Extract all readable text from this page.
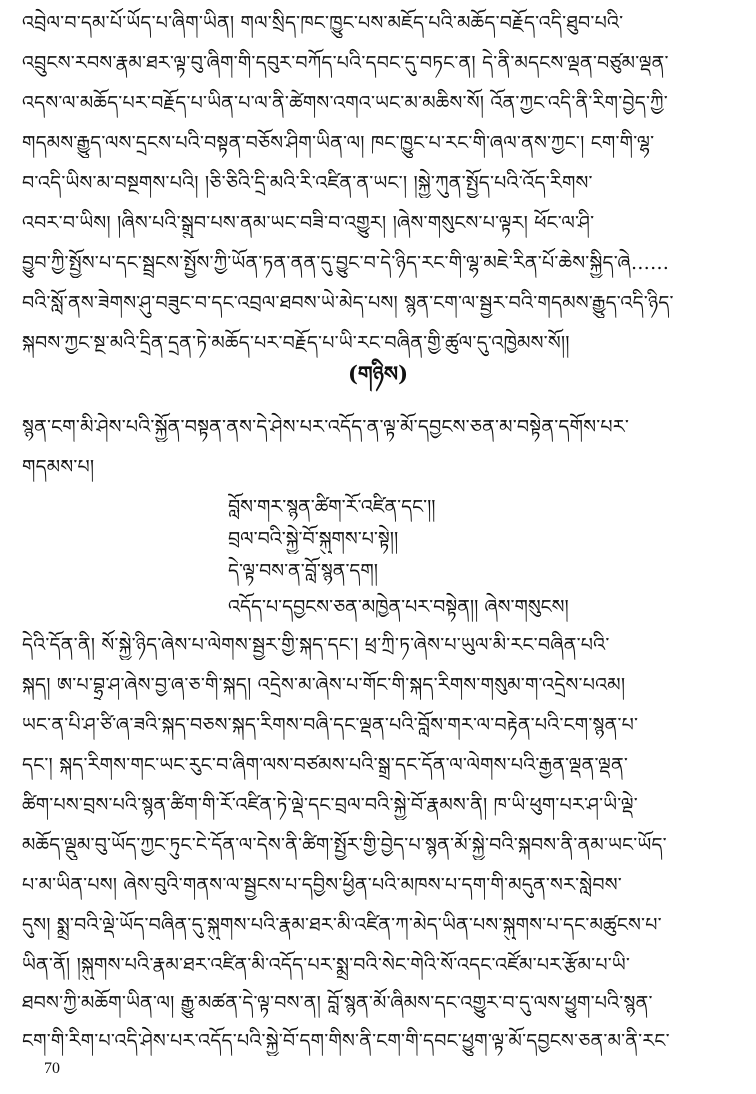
འབྲེལ་བ་དམ་པོ་ཡོད་པ་ཞིག་ཡིན། གལ་སྲིད་ཁང་ཁྱུང་པས་མཇོད་པའི་མཆོད་བརྗོད་འདི་ཐུབ་པའི་
འབྲུངས་རབས་རྣམ་ཐར་ལྟ་བུ་ཞིག་གི་དབུར་བཀོད་པའི་དབང་དུ་བཏང་ན། དེ་ནི་མདངས་ལྡན་བཙུམ་ལྡན་
འདས་ལ་མཆོད་པར་བརྗོད་པ་ཡིན་པ་ལ་ནི་ཚེགས་འགའ་ཡང་མ་མཆིས་སོ། འོན་ཀྱང་འདི་ནི་རིག་བྱེད་ཀྱི་
གདམས་རྒྱུད་ལས་དྲངས་པའི་བསྟན་བཅོས་ཤིག་ཡིན་ལ། ཁང་ཁྱུང་པ་རང་གི་ཞལ་ནས་ཀྱང་། ངག་གི་ལྷ་
བ་འདི་ཡིས་མ་བསྔགས་པའི། །ཅི་ཅིའི་དྲི་མའི་རི་འཛིན་ན་ཡང་། །སྐྱེ་ཀུན་སྤྱོད་པའི་འོད་རིགས་
འབར་བ་ཡིས། །ཞིས་པའི་སྒྲུབ་པས་ནམ་ཡང་བཟི་བ་འགྱུར། །ཞེས་གསུངས་པ་ལྟར། ཕོང་ལ་ཤི་
བྱུབ་ཀྱི་སྤྱོས་པ་དང་སྦྲངས་སྤྱོས་ཀྱི་ཡོན་ཏན་ནན་དུ་བྱུང་བ་དེ་ཉིད་རང་གི་ལྷ་མཇེ་རིན་པོ་ཆེས་སྐྱིད་ཞེ……
བའི་སློ་ནས་ཟེགས་ཤུ་བཟུང་བ་དང་འབྲལ་ཐབས་ཡེ་མེད་པས། སྙན་ངག་ལ་སྦྱར་བའི་གདམས་རྒྱུད་འདི་ཉིད་
སྐབས་ཀྱང་སྔ་མའི་དྲིན་དྲན་ཏེ་མཆོད་པར་བརྗོད་པ་ཡི་རང་བཞིན་གྱི་ཚུལ་དུ་འཁྱེམས་སོ།།
(གཉིས)
སྙན་ངག་མི་ཤེས་པའི་སྐྱོན་བསྟན་ནས་དེ་ཤེས་པར་འདོད་ན་ལྟ་མོ་དབྱངས་ཅན་མ་བསྟེན་དགོས་པར་
གདམས་པ།
བློས་གར་སྙན་ཚིག་རོ་འཛིན་དང་།།
བྲལ་བའི་སྐྱེ་བོ་སྐུགས་པ་སྟེ།།
དེ་ལྟ་བས་ན་བློ་སྙན་དག།
འདོད་པ་དབྱངས་ཅན་མཁྱེན་པར་བསྟེན།། ཞེས་གསུངས།
དེའི་དོན་ནི། སོ་སྐྱེ་ཉིད་ཞེས་པ་ལེགས་སྦྱར་གྱི་སྐད་དང་། ཕྲ་ཀྲི་ཏ་ཞེས་པ་ཡུལ་མི་རང་བཞིན་པའི་
སྐད། ཨ་པ་བྷྲ་ཤ་ཞེས་བྱ་ཞ་ཅ་གི་སྐད། འདྲེས་མ་ཞེས་པ་གོང་གི་སྐད་རིགས་གསུམ་ག་འདྲེས་པའམ།
ཡང་ན་པི་ཤ་ཙི་ཞ་ཟའི་སྐད་བཅས་སྐད་རིགས་བཞི་དང་ལྡན་པའི་བློས་གར་ལ་བརྟེན་པའི་ངག་སྙན་པ་
དང་། སྐད་རིགས་གང་ཡང་རུང་བ་ཞིག་ལས་བཙམས་པའི་སྒྲ་དང་དོན་ལ་ལེགས་པའི་རྒྱན་ལྡན་ལྡན་
ཚིག་པས་བྲས་པའི་སྙན་ཚིག་གི་རོ་འཛིན་ཏེ་ལྡེ་དང་བྲལ་བའི་སྐྱེ་བོ་རྣམས་ནི། ཁ་ཡི་ཕུག་པར་ཤ་ཡི་ལྡེ་
མཆོད་ལྡུམ་བུ་ཡོད་ཀྱང་ཏུང་ངེ་དོན་ལ་དེས་ནི་ཚིག་སྤྱོར་གྱི་བྱེད་པ་སྙན་མོ་སྐྱེ་བའི་སྐབས་ནི་ནམ་ཡང་ཡོད་
པ་མ་ཡིན་པས། ཞེས་བུའི་གནས་ལ་སྦྱངས་པ་དབྱིས་ཕྱིན་པའི་མཁས་པ་དག་གི་མདུན་སར་སླེབས་
དུས། སྨྲ་བའི་ལྡེ་ཡོད་བཞིན་དུ་སྐུགས་པའི་རྣམ་ཐར་མི་འཛིན་ཀ་མེད་ཡིན་པས་སྐུགས་པ་དང་མཚུངས་པ་
ཡིན་ནོ། །སྐུགས་པའི་རྣམ་ཐར་འཛིན་མི་འདོད་པར་སྨྲ་བའི་སེང་གེའི་སོ་འདང་འཛོམ་པར་རྩོམ་པ་ཡི་
ཐབས་ཀྱི་མཆོག་ཡིན་ལ། རྒྱུ་མཚན་དེ་ལྟ་བས་ན། བློ་སྙན་མོ་ཞིམས་དང་འགྱུར་བ་དུ་ལས་ཕྱུག་པའི་སྙན་
ངག་གི་རིག་པ་འདི་ཤེས་པར་འདོད་པའི་སྐྱེ་བོ་དག་གིས་ནི་ངག་གི་དབང་ཕྱུག་ལྟ་མོ་དབྱངས་ཅན་མ་ནི་རང་
70
